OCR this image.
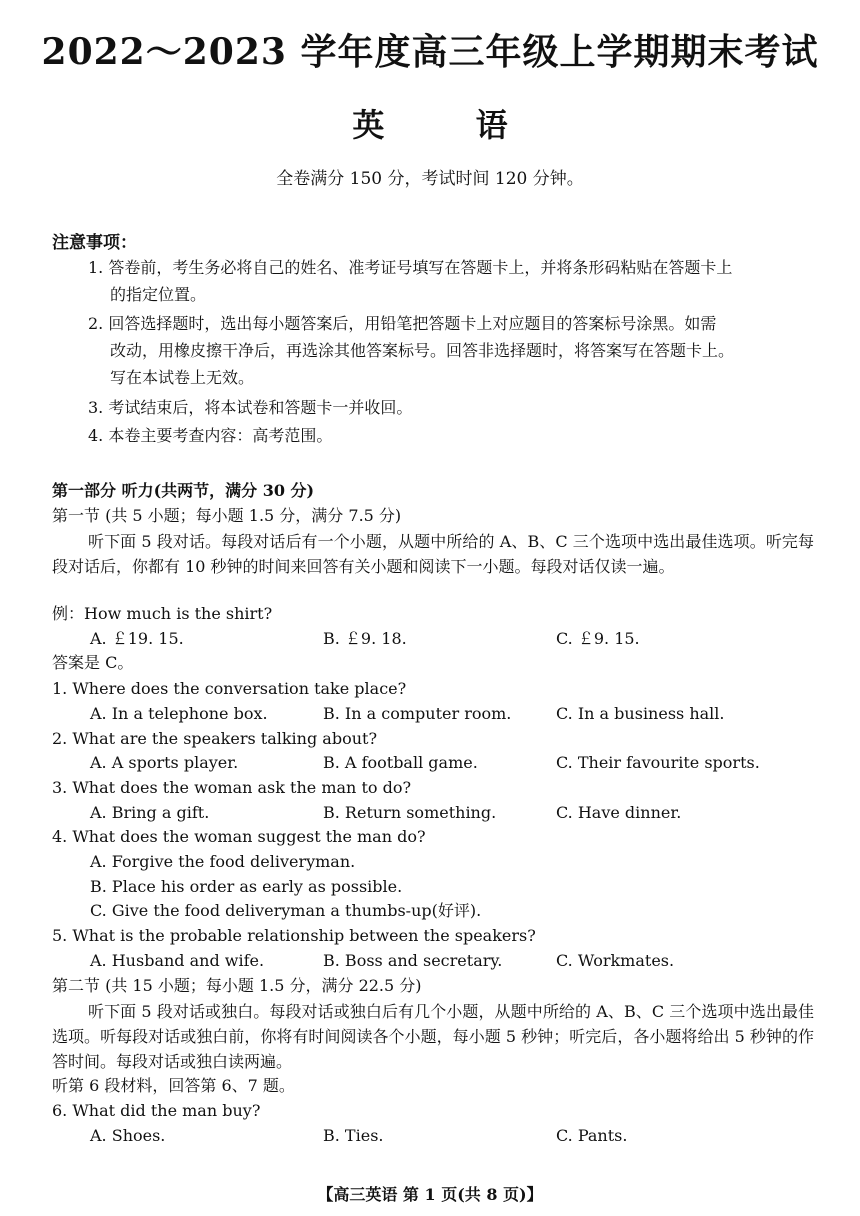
2022～2023 学年度高三年级上学期期末考试
英 语
全卷满分 150 分，考试时间 120 分钟。
注意事项：
1. 答卷前，考生务必将自己的姓名、准考证号填写在答题卡上，并将条形码粘贴在答题卡上
的指定位置。
2. 回答选择题时，选出每小题答案后，用铅笔把答题卡上对应题目的答案标号涂黑。如需
改动，用橡皮擦干净后，再选涂其他答案标号。回答非选择题时，将答案写在答题卡上。
写在本试卷上无效。
3. 考试结束后，将本试卷和答题卡一并收回。
4. 本卷主要考查内容：高考范围。
第一部分 听力(共两节，满分 30 分)
第一节 (共 5 小题；每小题 1.5 分，满分 7.5 分)
听下面 5 段对话。每段对话后有一个小题，从题中所给的 A、B、C 三个选项中选出最佳选项。听完每段对话后，你都有 10 秒钟的时间来回答有关小题和阅读下一小题。每段对话仅读一遍。
例：How much is the shirt?
A. ￡19. 15.	B. ￡9. 18.	C. ￡9. 15.
答案是 C。
1. Where does the conversation take place?
A. In a telephone box.	B. In a computer room.	C. In a business hall.
2. What are the speakers talking about?
A. A sports player.	B. A football game.	C. Their favourite sports.
3. What does the woman ask the man to do?
A. Bring a gift.	B. Return something.	C. Have dinner.
4. What does the woman suggest the man do?
A. Forgive the food deliveryman.
B. Place his order as early as possible.
C. Give the food deliveryman a thumbs-up(好评).
5. What is the probable relationship between the speakers?
A. Husband and wife.	B. Boss and secretary.	C. Workmates.
第二节 (共 15 小题；每小题 1.5 分，满分 22.5 分)
听下面 5 段对话或独白。每段对话或独白后有几个小题，从题中所给的 A、B、C 三个选项中选出最佳选项。听每段对话或独白前，你将有时间阅读各个小题，每小题 5 秒钟；听完后，各小题将给出 5 秒钟的作答时间。每段对话或独白读两遍。
听第 6 段材料，回答第 6、7 题。
6. What did the man buy?
A. Shoes.	B. Ties.	C. Pants.
【高三英语 第 1 页(共 8 页)】
